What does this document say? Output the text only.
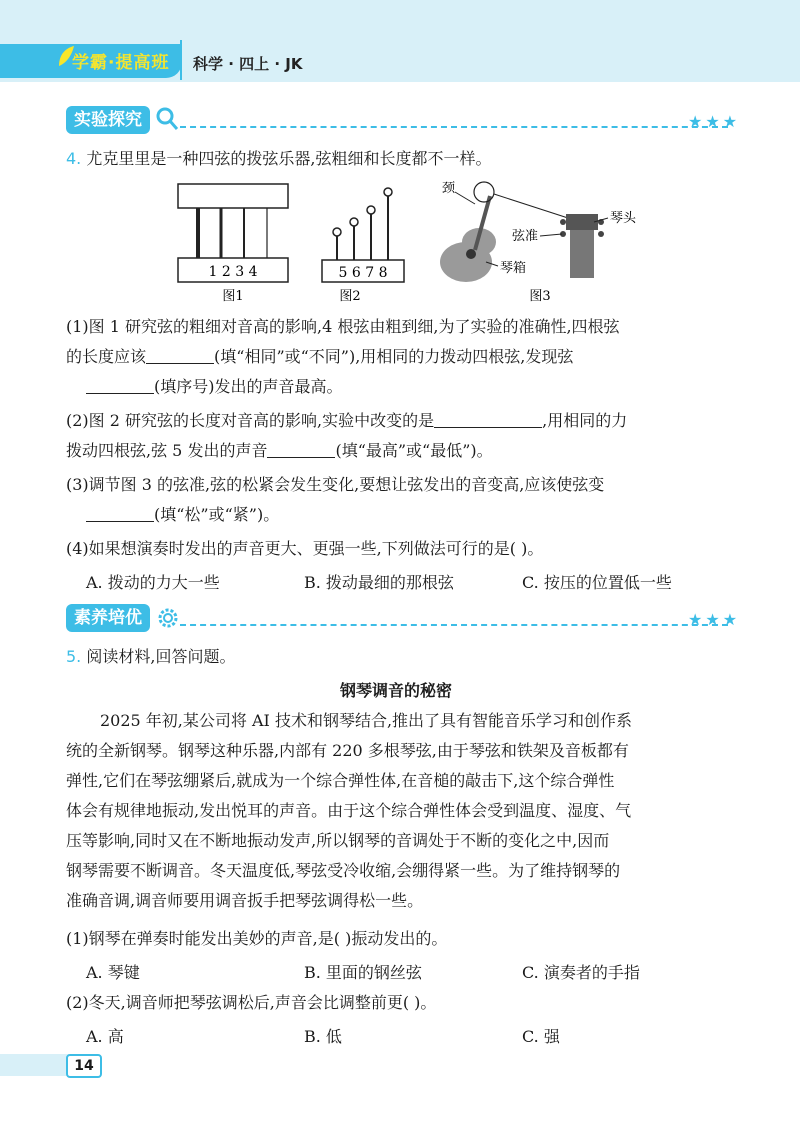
学霸·提高班 科学 · 四上 · JK
实验探究	★★★
4. 尤克里里是一种四弦的拨弦乐器,弦粗细和长度都不一样。
1 2 3 4
图1
5 6 7 8
图2
颈
琴头
弦准
琴箱
图3
(1)图 1 研究弦的粗细对音高的影响,4 根弦由粗到细,为了实验的准确性,四根弦
的长度应该	(填“相同”或“不同”),用相同的力拨动四根弦,发现弦
(填序号)发出的声音最高。
(2)图 2 研究弦的长度对音高的影响,实验中改变的是	,用相同的力
拨动四根弦,弦 5 发出的声音	(填“最高”或“最低”)。
(3)调节图 3 的弦准,弦的松紧会发生变化,要想让弦发出的音变高,应该使弦变
(填“松”或“紧”)。
(4)如果想演奏时发出的声音更大、更强一些,下列做法可行的是( )。
A. 拨动的力大一些	B. 拨动最细的那根弦	C. 按压的位置低一些
素养培优	★★★
5. 阅读材料,回答问题。
钢琴调音的秘密
2025 年初,某公司将 AI 技术和钢琴结合,推出了具有智能音乐学习和创作系
统的全新钢琴。钢琴这种乐器,内部有 220 多根琴弦,由于琴弦和铁架及音板都有
弹性,它们在琴弦绷紧后,就成为一个综合弹性体,在音槌的敲击下,这个综合弹性
体会有规律地振动,发出悦耳的声音。由于这个综合弹性体会受到温度、湿度、气
压等影响,同时又在不断地振动发声,所以钢琴的音调处于不断的变化之中,因而
钢琴需要不断调音。冬天温度低,琴弦受冷收缩,会绷得紧一些。为了维持钢琴的
准确音调,调音师要用调音扳手把琴弦调得松一些。
(1)钢琴在弹奏时能发出美妙的声音,是( )振动发出的。
A. 琴键	B. 里面的钢丝弦	C. 演奏者的手指
(2)冬天,调音师把琴弦调松后,声音会比调整前更( )。
A. 高	B. 低	C. 强
14
